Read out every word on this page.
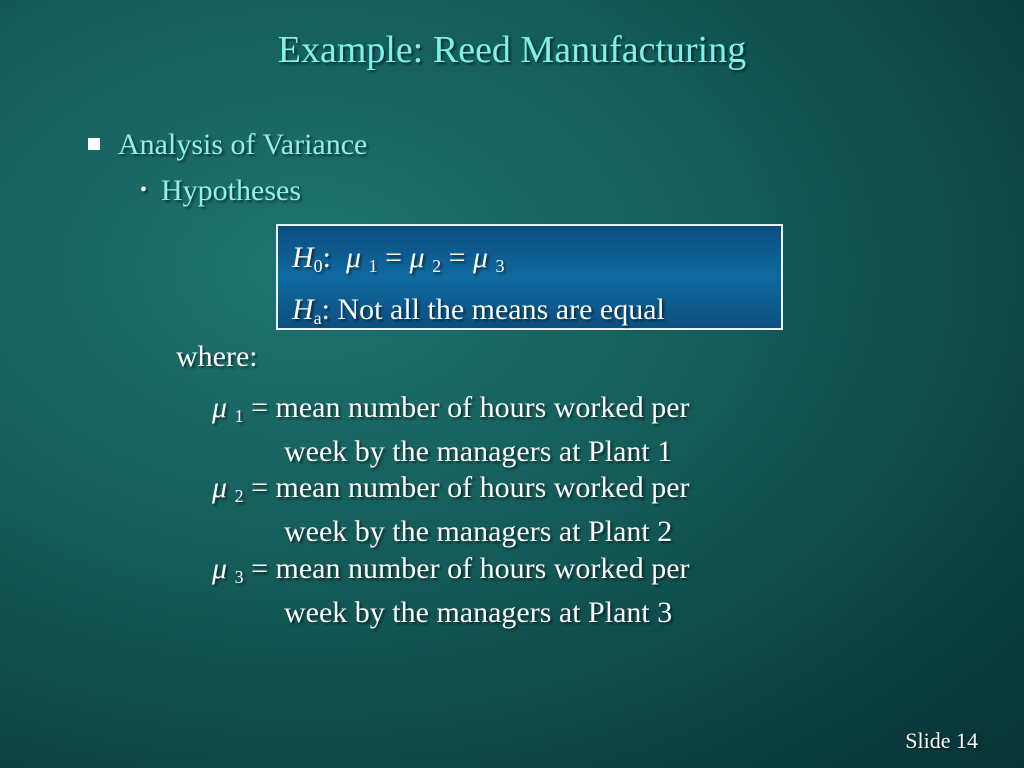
Example: Reed Manufacturing
Analysis of Variance
• Hypotheses
$H_0$: μ $_1$ = μ $_2$ = μ $_3$
$H_a$: Not all the means are equal
where:
μ $_1$ = mean number of hours worked per
week by the managers at Plant 1
μ $_2$ = mean number of hours worked per
week by the managers at Plant 2
μ $_3$ = mean number of hours worked per
week by the managers at Plant 3
Slide 14
